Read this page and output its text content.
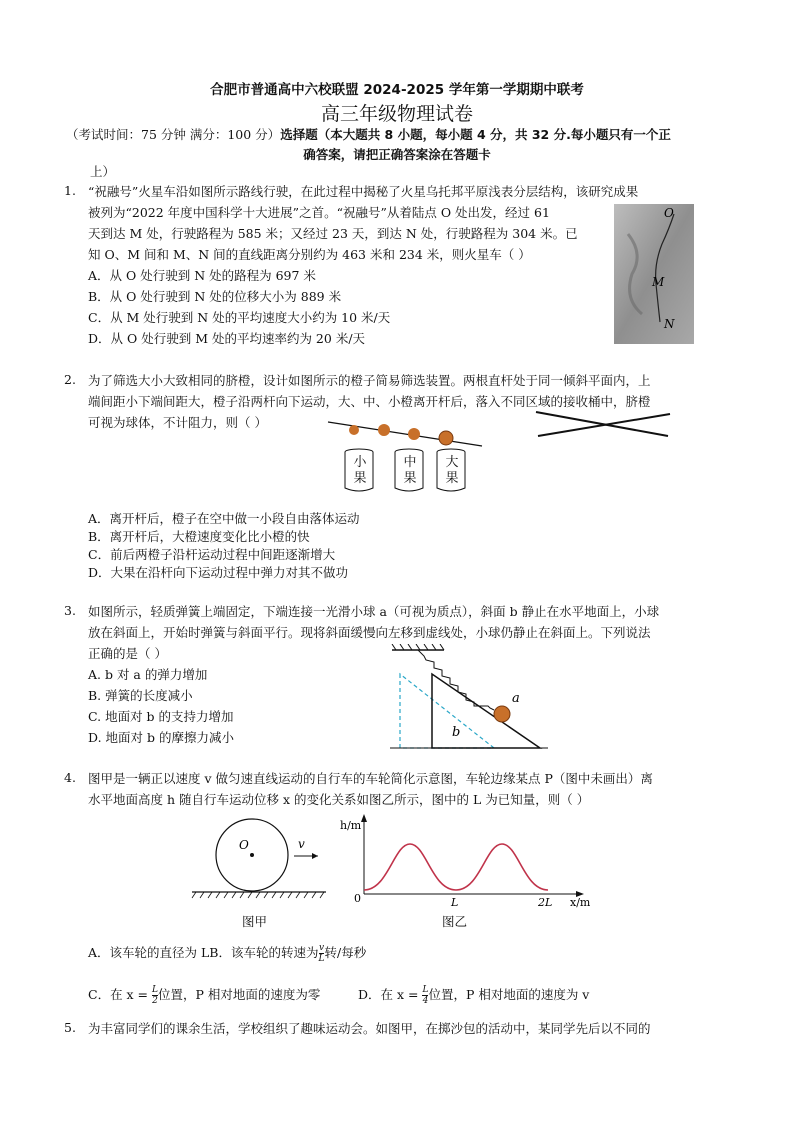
合肥市普通高中六校联盟 2024-2025 学年第一学期期中联考
高三年级物理试卷
（考试时间：75 分钟 满分：100 分）选择题（本大题共 8 小题，每小题 4 分，共 32 分.每小题只有一个正
确答案，请把正确答案涂在答题卡
上）
1. “祝融号”火星车沿如图所示路线行驶，在此过程中揭秘了火星乌托邦平原浅表分层结构，该研究成果
被列为“2022 年度中国科学十大进展”之首。“祝融号”从着陆点 O 处出发，经过 61
天到达 M 处，行驶路程为 585 米；又经过 23 天，到达 N 处，行驶路程为 304 米。已
知 O、M 间和 M、N 间的直线距离分别约为 463 米和 234 米，则火星车（ ）
A．从 O 处行驶到 N 处的路程为 697 米
B．从 O 处行驶到 N 处的位移大小为 889 米
C．从 M 处行驶到 N 处的平均速度大小约为 10 米/天
D．从 O 处行驶到 M 处的平均速率约为 20 米/天
O
M
N
2. 为了筛选大小大致相同的脐橙，设计如图所示的橙子简易筛选装置。两根直杆处于同一倾斜平面内，上
端间距小下端间距大，橙子沿两杆向下运动，大、中、小橙离开杆后，落入不同区域的接收桶中，脐橙
可视为球体，不计阻力，则（ ）
小果
中果
大果
A．离开杆后，橙子在空中做一小段自由落体运动
B．离开杆后，大橙速度变化比小橙的快
C．前后两橙子沿杆运动过程中间距逐渐增大
D．大果在沿杆向下运动过程中弹力对其不做功
3. 如图所示，轻质弹簧上端固定，下端连接一光滑小球 a（可视为质点），斜面 b 静止在水平地面上，小球
放在斜面上，开始时弹簧与斜面平行。现将斜面缓慢向左移到虚线处，小球仍静止在斜面上。下列说法
正确的是（ ）
A. b 对 a 的弹力增加
B. 弹簧的长度减小
C. 地面对 b 的支持力增加
D. 地面对 b 的摩擦力减小
a
b
4. 图甲是一辆正以速度 v 做匀速直线运动的自行车的车轮简化示意图，车轮边缘某点 P（图中未画出）离
水平地面高度 h 随自行车运动位移 x 的变化关系如图乙所示，图中的 L 为已知量，则（ ）
O	v
图甲
h/m
0	L	2L x/m
图乙
A．该车轮的直径为 LB．该车轮的转速为 $\frac{v}{L}$ 转/每秒
C．在 $x = \frac{L}{2}$ 位置，P 相对地面的速度为零	D．在 $x = \frac{L}{4}$ 位置，P 相对地面的速度为 v
5. 为丰富同学们的课余生活，学校组织了趣味运动会。如图甲，在掷沙包的活动中，某同学先后以不同的
